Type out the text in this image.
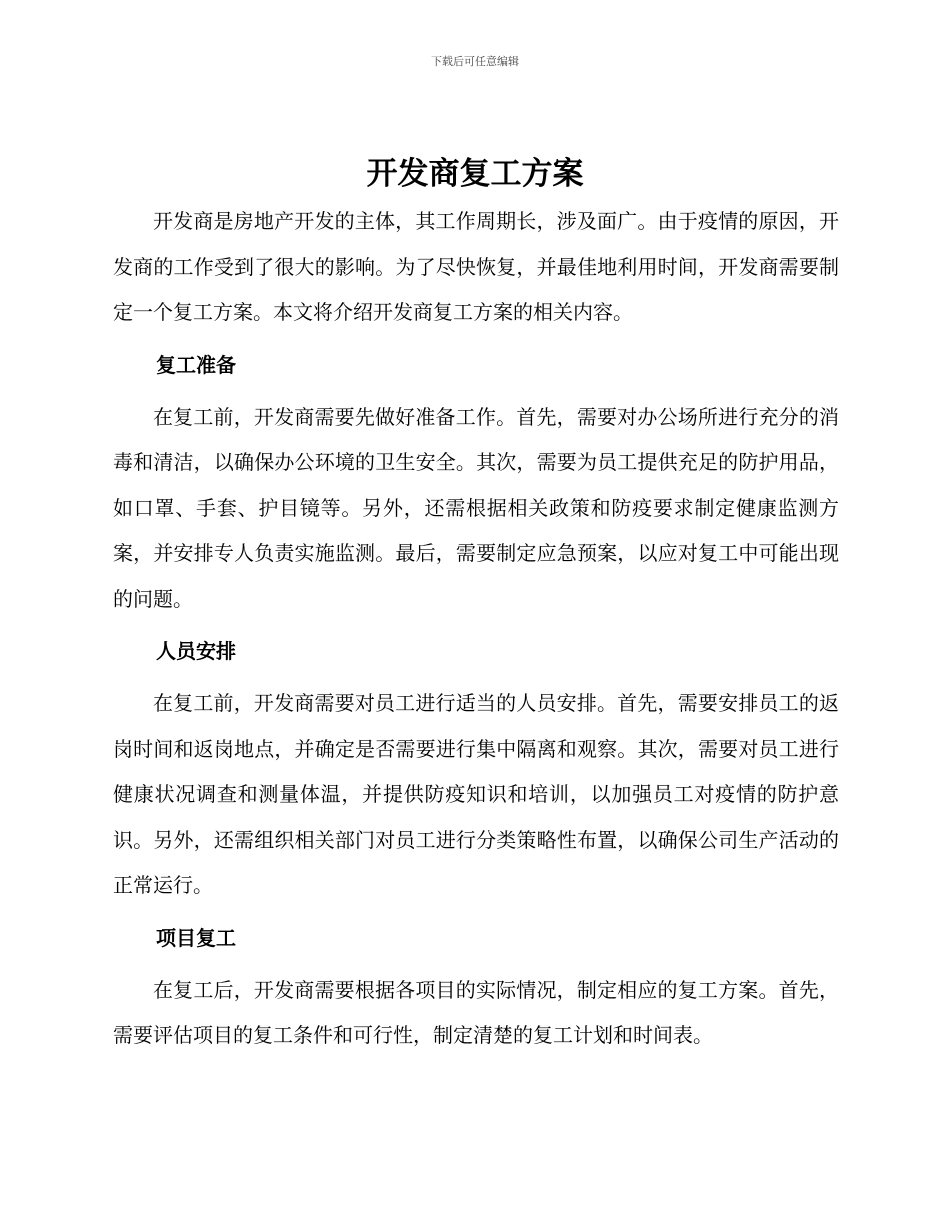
下载后可任意编辑
开发商复工方案

开发商是房地产开发的主体，其工作周期长，涉及面广。由于疫情的原因，开发商的工作受到了很大的影响。为了尽快恢复，并最佳地利用时间，开发商需要制定一个复工方案。本文将介绍开发商复工方案的相关内容。

复工准备

在复工前，开发商需要先做好准备工作。首先，需要对办公场所进行充分的消毒和清洁，以确保办公环境的卫生安全。其次，需要为员工提供充足的防护用品，如口罩、手套、护目镜等。另外，还需根据相关政策和防疫要求制定健康监测方案，并安排专人负责实施监测。最后，需要制定应急预案，以应对复工中可能出现的问题。

人员安排

在复工前，开发商需要对员工进行适当的人员安排。首先，需要安排员工的返岗时间和返岗地点，并确定是否需要进行集中隔离和观察。其次，需要对员工进行健康状况调查和测量体温，并提供防疫知识和培训，以加强员工对疫情的防护意识。另外，还需组织相关部门对员工进行分类策略性布置，以确保公司生产活动的正常运行。

项目复工

在复工后，开发商需要根据各项目的实际情况，制定相应的复工方案。首先，需要评估项目的复工条件和可行性，制定清楚的复工计划和时间表。
